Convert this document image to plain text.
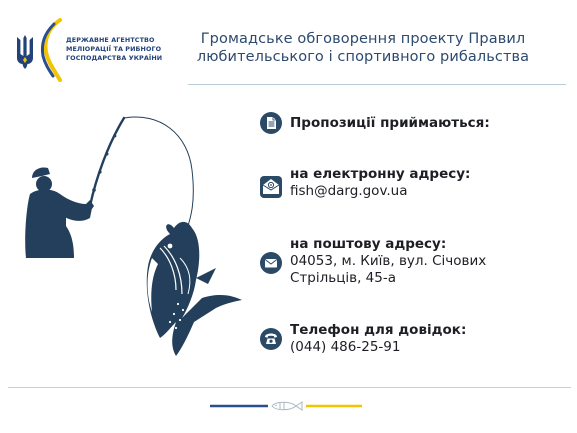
ДЕРЖАВНЕ АГЕНТСТВО
МЕЛІОРАЦІЇ ТА РИБНОГО
ГОСПОДАРСТВА УКРАЇНИ
Громадське обговорення проекту Правил
любительського і спортивного рибальства
Пропозиції приймаються:
на електронну адресу:
fish@darg.gov.ua
на поштову адресу:
04053, м. Київ, вул. Січових
Стрільців, 45-а
Телефон для довідок:
(044) 486-25-91
